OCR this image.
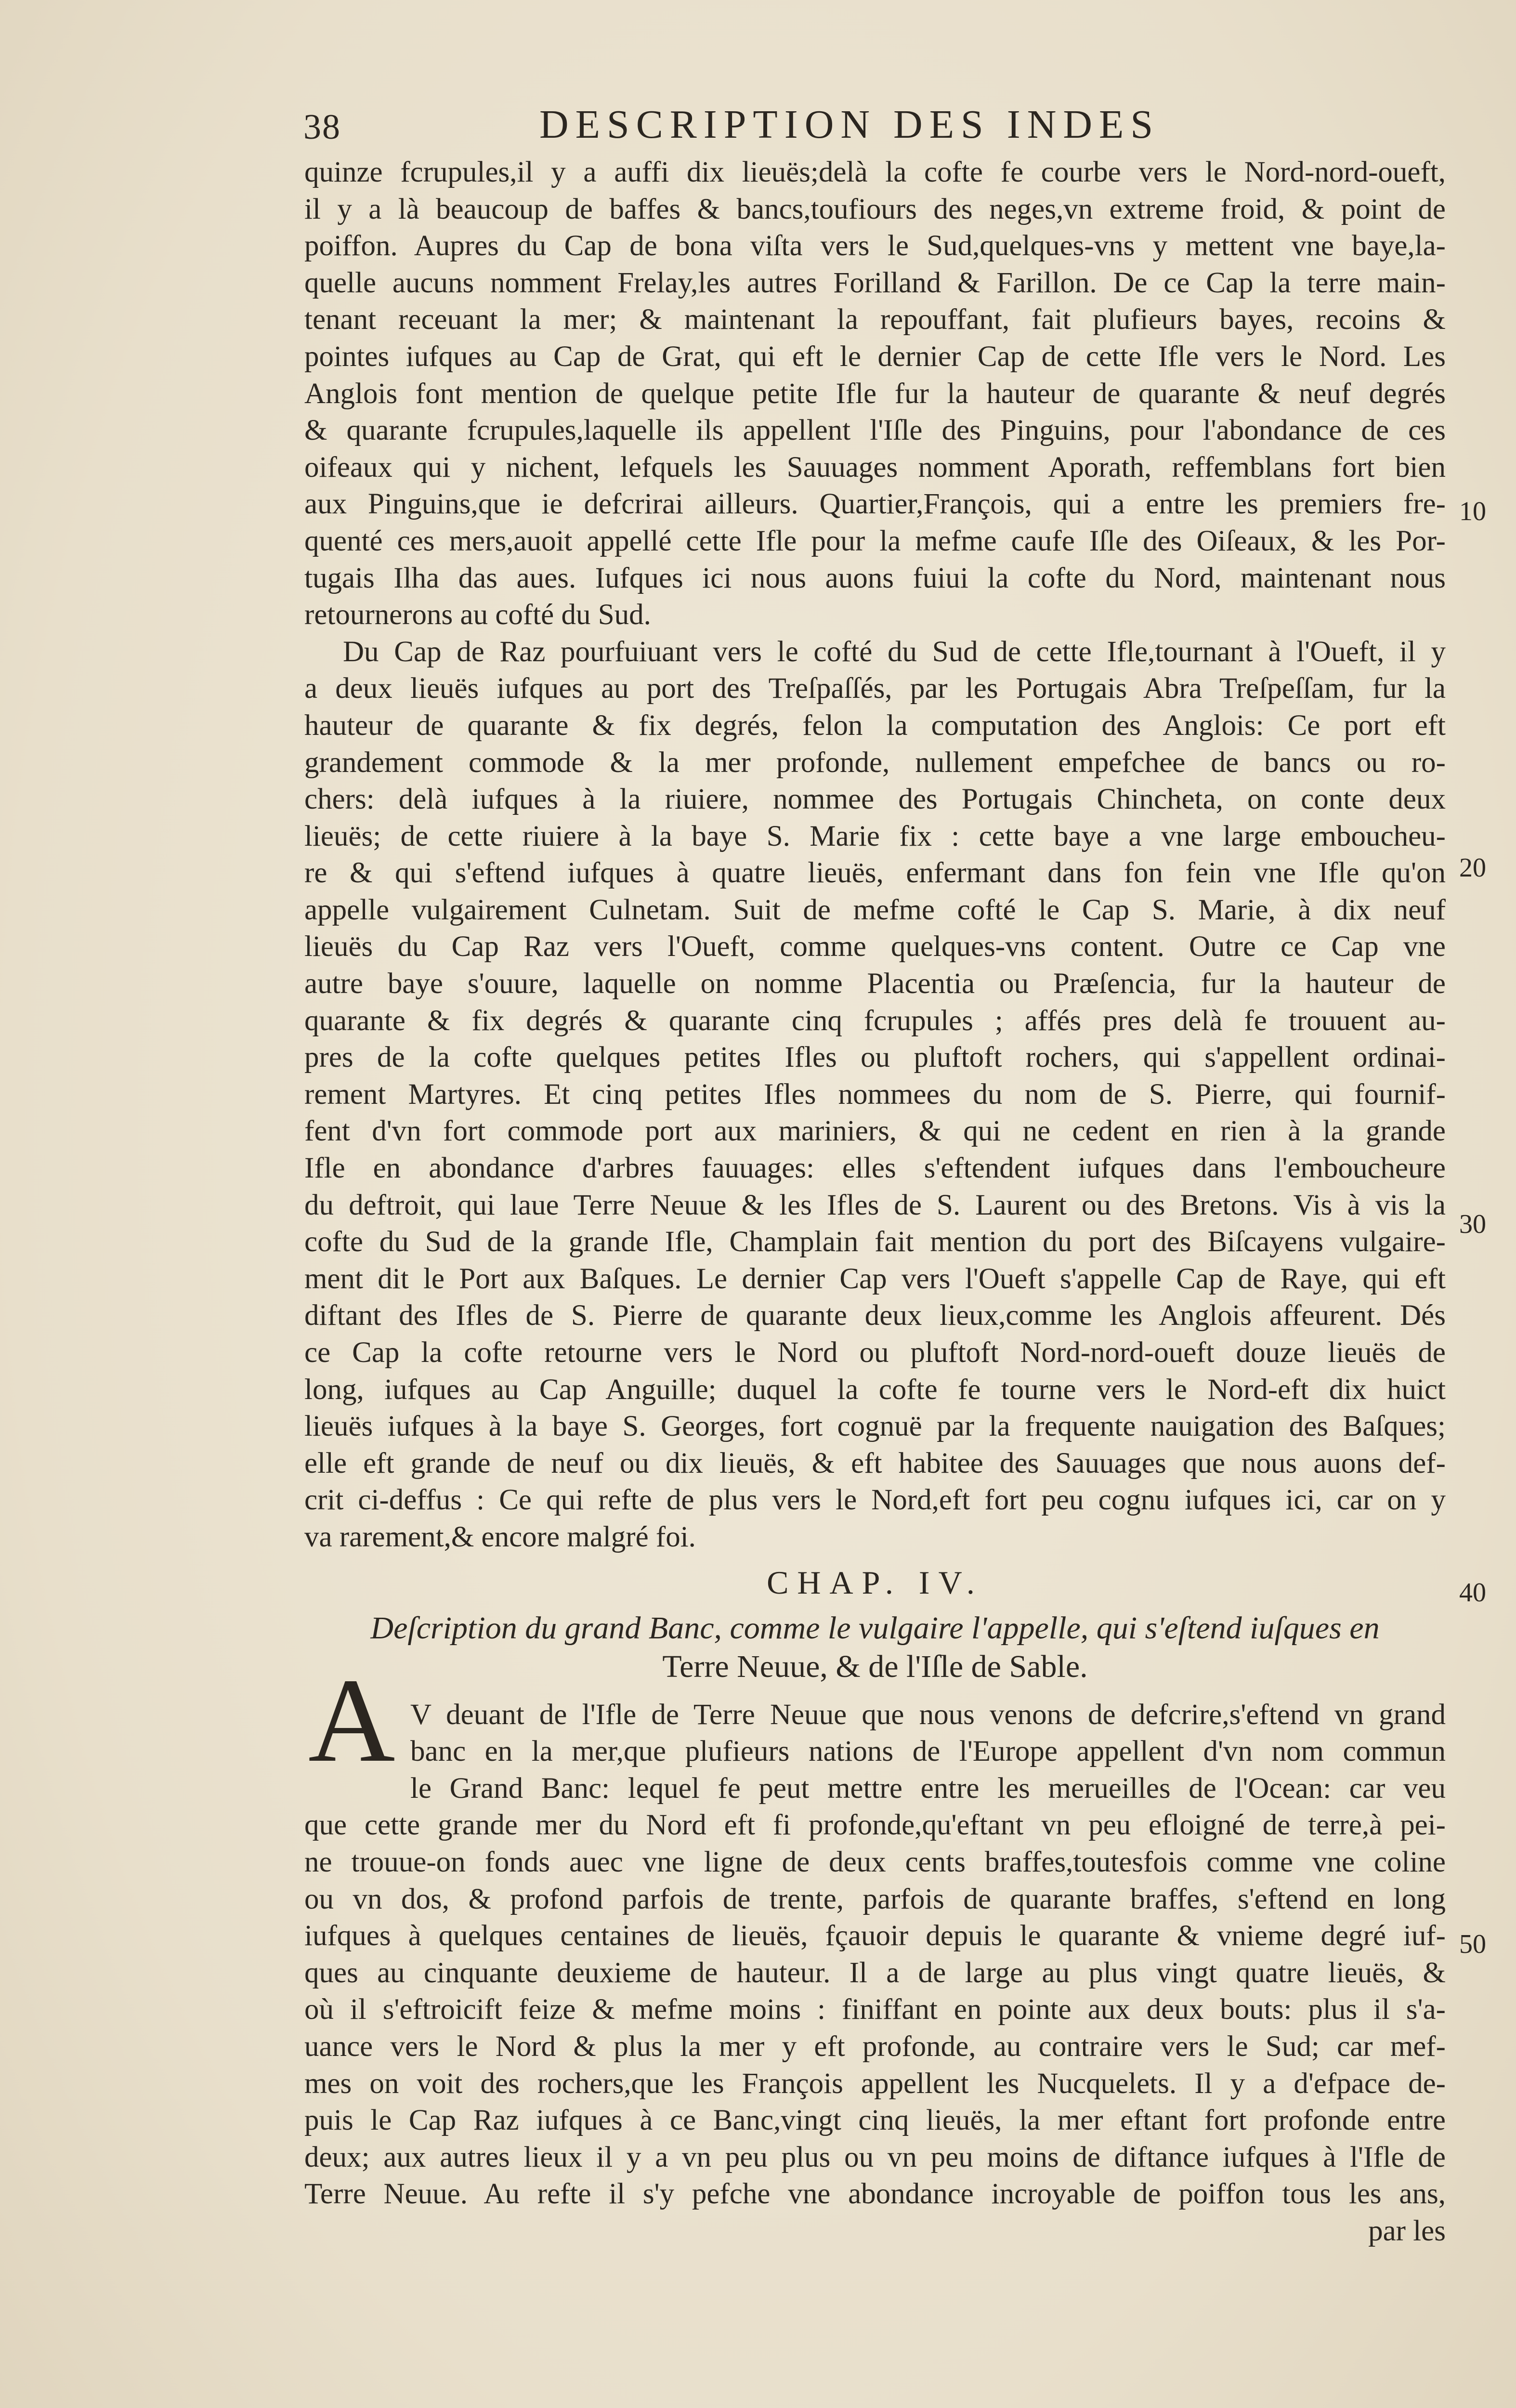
38	DESCRIPTION DES INDES
quinze fcrupules,il y a auffi dix lieuës;delà la cofte fe courbe vers le Nord-nord-oueft,
il y a là beaucoup de baffes & bancs,toufiours des neges,vn extreme froid, & point de
poiffon. Aupres du Cap de bona viſta vers le Sud,quelques-vns y mettent vne baye,la-
quelle aucuns nomment Frelay,les autres Forilland & Farillon. De ce Cap la terre main-
tenant receuant la mer; & maintenant la repouffant, fait plufieurs bayes, recoins &
pointes iufques au Cap de Grat, qui eft le dernier Cap de cette Ifle vers le Nord. Les
Anglois font mention de quelque petite Ifle fur la hauteur de quarante & neuf degrés
& quarante fcrupules,laquelle ils appellent l'Iſle des Pinguins, pour l'abondance de ces
oifeaux qui y nichent, lefquels les Sauuages nomment Aporath, reffemblans fort bien
aux Pinguins,que ie defcrirai ailleurs. Quartier,François, qui a entre les premiers fre-
quenté ces mers,auoit appellé cette Ifle pour la mefme caufe Iſle des Oiſeaux, & les Por-
tugais Ilha das aues. Iufques ici nous auons fuiui la cofte du Nord, maintenant nous
retournerons au cofté du Sud.
Du Cap de Raz pourfuiuant vers le cofté du Sud de cette Ifle,tournant à l'Oueft, il y
a deux lieuës iufques au port des Treſpaſſés, par les Portugais Abra Treſpeſſam, fur la
hauteur de quarante & fix degrés, felon la computation des Anglois: Ce port eft
grandement commode & la mer profonde, nullement empefchee de bancs ou ro-
chers: delà iufques à la riuiere, nommee des Portugais Chincheta, on conte deux
lieuës; de cette riuiere à la baye S. Marie fix : cette baye a vne large embouchеu-
re & qui s'eftend iufques à quatre lieuës, enfermant dans fon fein vne Ifle qu'on
appelle vulgairement Culnetam. Suit de mefme cofté le Cap S. Marie, à dix neuf
lieuës du Cap Raz vers l'Oueft, comme quelques-vns content. Outre ce Cap vne
autre baye s'ouure, laquelle on nomme Placentia ou Præſencia, fur la hauteur de
quarante & fix degrés & quarante cinq fcrupules ; affés pres delà fe trouuent au-
pres de la cofte quelques petites Ifles ou pluftoft rochers, qui s'appellent ordinai-
rement Martyres. Et cinq petites Ifles nommees du nom de S. Pierre, qui fournif-
fent d'vn fort commode port aux mariniers, & qui ne cedent en rien à la grande
Ifle en abondance d'arbres fauuages: elles s'eftendent iufques dans l'embouchеure
du deftroit, qui laue Terre Neuue & les Ifles de S. Laurent ou des Bretons. Vis à vis la
cofte du Sud de la grande Ifle, Champlain fait mention du port des Biſcayens vulgaire-
ment dit le Port aux Baſques. Le dernier Cap vers l'Oueft s'appelle Cap de Raye, qui eft
diftant des Ifles de S. Pierre de quarante deux lieux,comme les Anglois affeurent. Dés
ce Cap la cofte retourne vers le Nord ou pluftoft Nord-nord-oueft douze lieuës de
long, iufques au Cap Anguille; duquel la cofte fe tourne vers le Nord-eft dix huict
lieuës iufques à la baye S. Georges, fort cognuë par la frequente nauigation des Baſques;
elle eft grande de neuf ou dix lieuës, & eft habitee des Sauuages que nous auons def-
crit ci-deffus : Ce qui refte de plus vers le Nord,eft fort peu cognu iufques ici, car on y
va rarement,& encore malgré foi.
CHAP. IV.
Deſcription du grand Banc, comme le vulgaire l'appelle, qui s'eſtend iuſques en
Terre Neuue, & de l'Iſle de Sable.
V deuant de l'Ifle de Terre Neuue que nous venons de defcrire,s'eftend vn grand
banc en la mer,que plufieurs nations de l'Europe appellent d'vn nom commun
le Grand Banc: lequel fe peut mettre entre les merueilles de l'Ocean: car veu
que cette grande mer du Nord eft fi profonde,qu'eftant vn peu efloigné de terre,à pei-
ne trouue-on fonds auec vne ligne de deux cents braffes,toutesfois comme vne coline
ou vn dos, & profond parfois de trente, parfois de quarante braffes, s'eftend en long
iufques à quelques centaines de lieuës, fçauoir depuis le quarante & vnieme degré iuf-
ques au cinquante deuxieme de hauteur. Il a de large au plus vingt quatre lieuës, &
où il s'eftroicift feize & mefme moins : finiffant en pointe aux deux bouts: plus il s'a-
uance vers le Nord & plus la mer y eft profonde, au contraire vers le Sud; car mef-
mes on voit des rochers,que les François appellent les Nucquelets. Il y a d'efpace de-
puis le Cap Raz iufques à ce Banc,vingt cinq lieuës, la mer eftant fort profonde entre
deux; aux autres lieux il y a vn peu plus ou vn peu moins de diftance iufques à l'Ifle de
Terre Neuue. Au refte il s'y pefche vne abondance incroyable de poiffon tous les ans,
par les
A
10
20
30
40
50
